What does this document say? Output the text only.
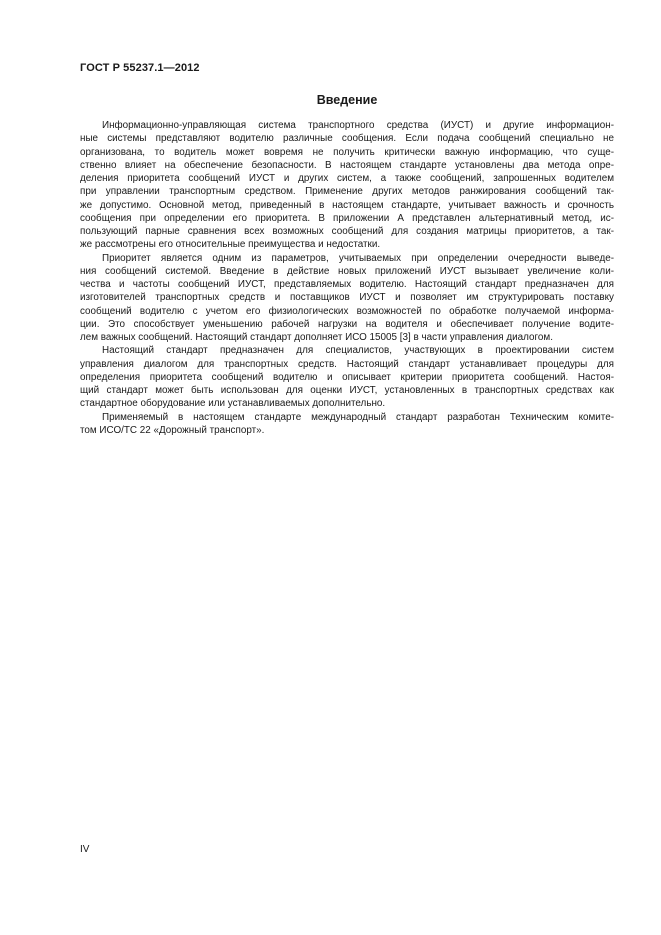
ГОСТ Р 55237.1—2012
Введение
Информационно-управляющая система транспортного средства (ИУСТ) и другие информацион-
ные системы представляют водителю различные сообщения. Если подача сообщений специально не
организована, то водитель может вовремя не получить критически важную информацию, что суще-
ственно влияет на обеспечение безопасности. В настоящем стандарте установлены два метода опре-
деления приоритета сообщений ИУСТ и других систем, а также сообщений, запрошенных водителем
при управлении транспортным средством. Применение других методов ранжирования сообщений так-
же допустимо. Основной метод, приведенный в настоящем стандарте, учитывает важность и срочность
сообщения при определении его приоритета. В приложении А представлен альтернативный метод, ис-
пользующий парные сравнения всех возможных сообщений для создания матрицы приоритетов, а так-
же рассмотрены его относительные преимущества и недостатки.
Приоритет является одним из параметров, учитываемых при определении очередности выведе-
ния сообщений системой. Введение в действие новых приложений ИУСТ вызывает увеличение коли-
чества и частоты сообщений ИУСТ, представляемых водителю. Настоящий стандарт предназначен для
изготовителей транспортных средств и поставщиков ИУСТ и позволяет им структурировать поставку
сообщений водителю с учетом его физиологических возможностей по обработке получаемой информа-
ции. Это способствует уменьшению рабочей нагрузки на водителя и обеспечивает получение водите-
лем важных сообщений. Настоящий стандарт дополняет ИСО 15005 [3] в части управления диалогом.
Настоящий стандарт предназначен для специалистов, участвующих в проектировании систем
управления диалогом для транспортных средств. Настоящий стандарт устанавливает процедуры для
определения приоритета сообщений водителю и описывает критерии приоритета сообщений. Настоя-
щий стандарт может быть использован для оценки ИУСТ, установленных в транспортных средствах как
стандартное оборудование или устанавливаемых дополнительно.
Применяемый в настоящем стандарте международный стандарт разработан Техническим комите-
том ИСО/ТС 22 «Дорожный транспорт».
IV
